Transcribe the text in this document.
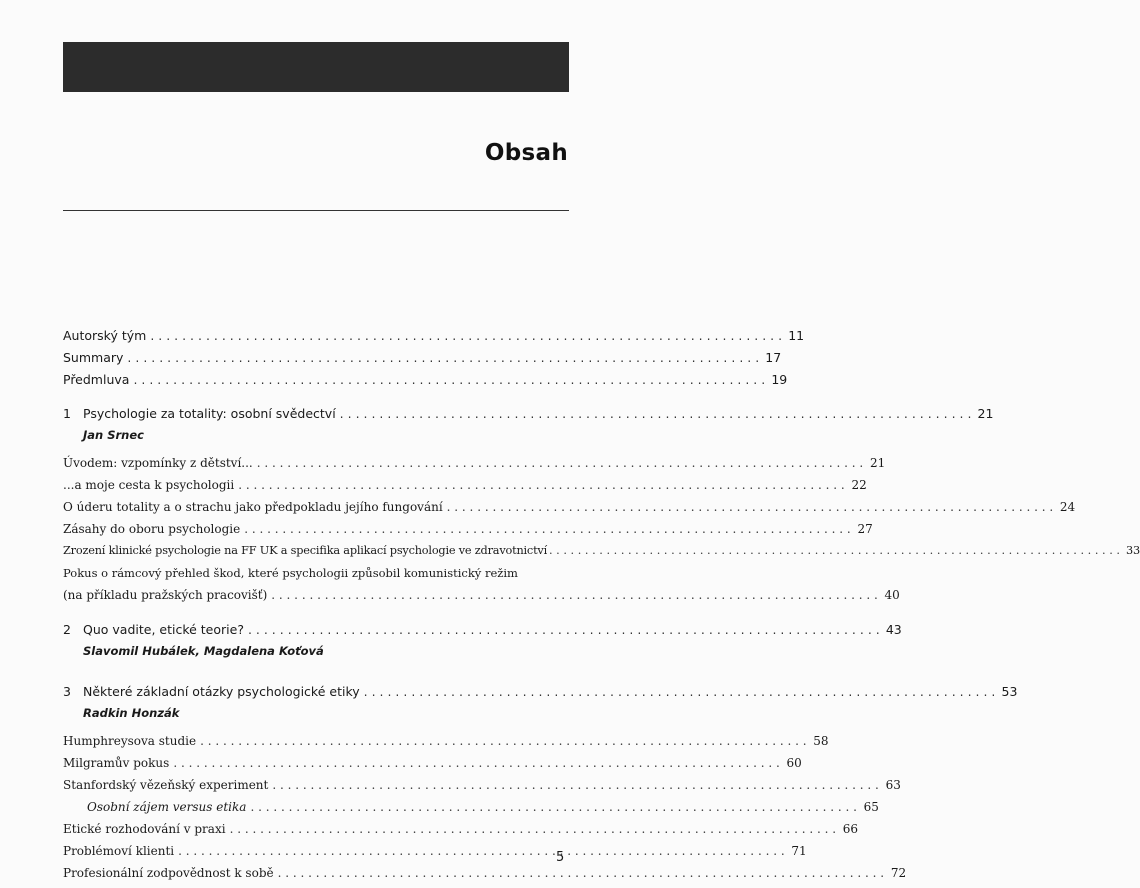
Obsah
Autorský tým . . .	11
Summary . . .	17
Předmluva . . .	19
1 Psychologie za totality: osobní svědectví . . .	21
Jan Srnec
Úvodem: vzpomínky z dětství... . . .	21
...a moje cesta k psychologii . . .	22
O úderu totality a o strachu jako předpokladu jejího fungování . . .	24
Zásahy do oboru psychologie . . .	27
Zrození klinické psychologie na FF UK a specifika aplikací psychologie ve zdravotnictví . . .	33
Pokus o rámcový přehled škod, které psychologii způsobil komunistický režim
(na příkladu pražských pracovišť) . . .	40
2 Quo vadite, etické teorie? . . .	43
Slavomil Hubálek, Magdalena Koťová
3 Některé základní otázky psychologické etiky . . .	53
Radkin Honzák
Humphreysova studie . . .	58
Milgramův pokus . . .	60
Stanfordský vězeňský experiment . . .	63
Osobní zájem versus etika . . .	65
Etické rozhodování v praxi . . .	66
Problémoví klienti . . .	71
Profesionální zodpovědnost k sobě . . .	72
5
